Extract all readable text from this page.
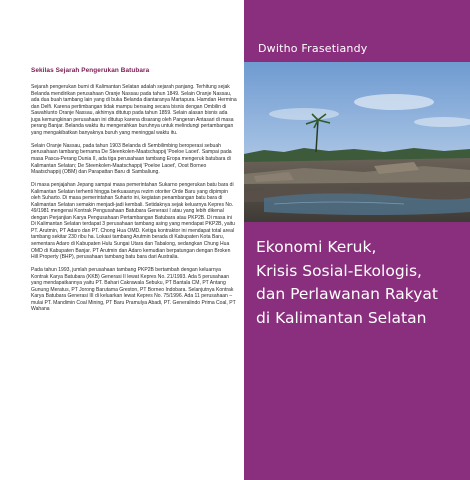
Sekilas Sejarah Pengerukan Batubara

Sejarah pengerukan bumi di Kalimantan Selatan adalah sejarah panjang. Terhitung sejak Belanda mendirikan perusahaan Oranje Nassau pada tahun 1849. Selain Oranje Nassau, ada dua buah tambang lain yang di buka Belanda diantaranya Martapura. Hamdan Hermina dan Delfi. Karena pertimbangan tidak mampu bersaing secara bisnis dengan Ombilin di Sawahlunto Oranje Nassau, akhirnya ditutup pada tahun 1859. Selain alasan bisnis ada juga kemungkinan perusahaan ini ditutup karena disarang oleh Pangeran Antasari di masa perang Banjar. Belanda waktu itu mengerahkan buruhnya untuk melindungi pertambangan yang mengakibatkan banyaknya buruh yang meninggal waktu itu.

Selain Oranje Nassau, pada tahun 1903 Belanda di Sembilimbing beroperasi sebuah perusahaan tambang bernama De Steenkolen-Maatschappij 'Poeloe Laoet'. Sampai pada masa Pasca-Perang Dunia II, ada tiga perusahaan tambang Eropa mengeruk batubara di Kalimantan Selatan; De Steenkolen-Maatschappij 'Poeloe Laoet', Oost Borneo Maatschappij (OBM) dan Parapattan Baru di Sambaliung.

Di masa penjajahan Jepang sampai masa pemerintahan Sukarno pengerukan batu bara di Kalimantan Selatan terhenti hingga berkuasanya rezim otoriter Orde Baru yang dipimpin oleh Suharto. Di masa pemerintahan Suharto ini, kegiatan penambangan batu bara di Kalimantan Selatan semakin menjadi-jadi kembali. Setidaknya sejak keluarnya Kepres No. 49/1981 mengenai Kontrak Pengusahaan Batubara Generasi I atau yang lebih dikenal dengan Perjanjian Karya Pengusahaan Pertambangan Batubara atau PKP2B. Di masa ini Di Kalimantan Selatan terdapat 3 perusahaan tambang asing yang mendapat PKP2B, yaitu PT. Arutmin, PT Adaro dan PT. Chong Hua OMD. Ketiga kontraktor ini mendapat total areal tambang sekitar 230 ribu ha. Lokasi tambang Arutmin berada di Kabupaten Kota Baru, sementara Adaro di Kabupaten Hulu Sungai Utara dan Tabalong, sedangkan Chung Hua OMD di Kabupaten Banjar. PT Arutmin dan Adaro kemudian berpatungan dengan Broken Hill Property (BHP), perusahaan tambang batu bara dari Australia.

Pada tahun 1993, jumlah perusahaan tambang PKP2B bertambah dengan keluarnya Kontrak Karya Batubara (KKB) Generasi II lewat Kepres No. 21/1993. Ada 5 perusahaan yang mendapatkannya yaitu PT. Bahari Cakrawala Sebuku, PT Bantala CM, PT Antang Gunung Meratus, PT Jorong Barutama Greston, PT Borneo Indobara. Selanjutnya Kontrak Karya Batubara Generasi III di keluarkan lewat Kepres No. 75/1996. Ada 11 perusahaan – mulai PT. Mandimin Coal Mining, PT Baru Pramulya Abadi, PT. Generalindo Prima Coal, PT Wahana

Dwitho Frasetiandy
Ekonomi Keruk,
Krisis Sosial-Ekologis,
dan Perlawanan Rakyat
di Kalimantan Selatan
